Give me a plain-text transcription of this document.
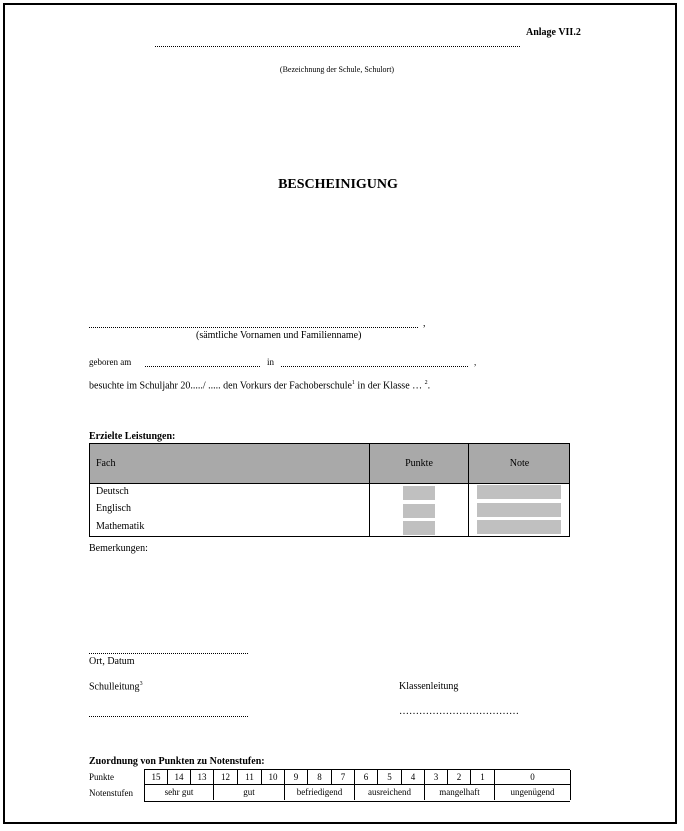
Anlage VII.2
(Bezeichnung der Schule, Schulort)
BESCHEINIGUNG
,
(sämtliche Vornamen und Familienname)
geboren am	in	,
besuchte im Schuljahr 20...../ ..... den Vorkurs der Fachoberschule$^1$ in der Klasse … $^2$.
Erzielte Leistungen:
Fach	Punkte	Note
Deutsch
Englisch
Mathematik
Bemerkungen:
Ort, Datum
Schulleitung$^3$	Klassenleitung
………………………………
Zuordnung von Punkten zu Notenstufen:
Punkte
Notenstufen
15	14	13	12	11	10	9	8	7	6	5	4	3	2	1	0
sehr gut	gut	befriedigend	ausreichend	mangelhaft	ungenügend
